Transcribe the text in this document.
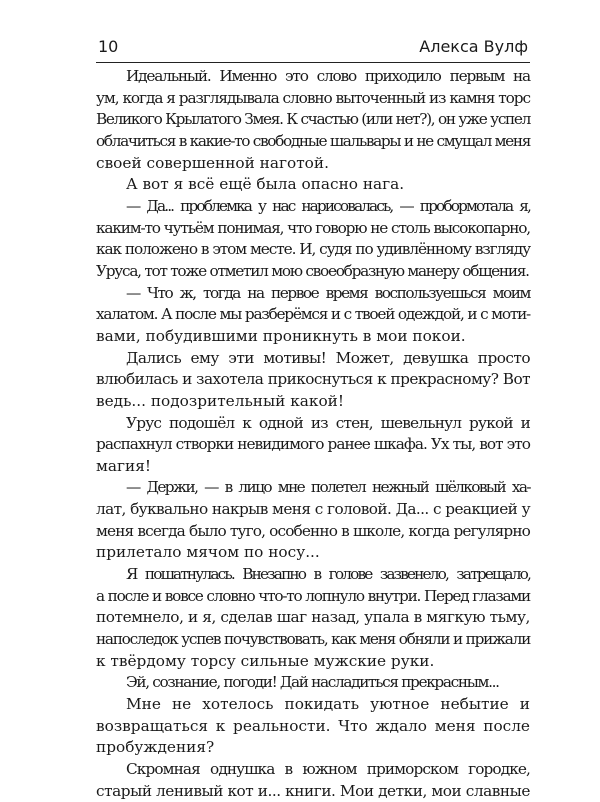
10	Алекса Вулф
Идеальный. Именно это слово приходило первым на
ум, когда я разглядывала словно выточенный из камня торс
Великого Крылатого Змея. К счастью (или нет?), он уже успел
облачиться в какие-то свободные шальвары и не смущал меня
своей совершенной наготой.
А вот я всё ещё была опасно нага.
— Да... проблемка у нас нарисовалась, — пробормотала я,
каким-то чутьём понимая, что говорю не столь высокопарно,
как положено в этом месте. И, судя по удивлённому взгляду
Уруса, тот тоже отметил мою своеобразную манеру общения.
— Что ж, тогда на первое время воспользуешься моим
халатом. А после мы разберёмся и с твоей одеждой, и с моти-
вами, побудившими проникнуть в мои покои.
Дались ему эти мотивы! Может, девушка просто
влюбилась и захотела прикоснуться к прекрасному? Вот
ведь... подозрительный какой!
Урус подошёл к одной из стен, шевельнул рукой и
распахнул створки невидимого ранее шкафа. Ух ты, вот это
магия!
— Держи, — в лицо мне полетел нежный шёлковый ха-
лат, буквально накрыв меня с головой. Да... с реакцией у
меня всегда было туго, особенно в школе, когда регулярно
прилетало мячом по носу...
Я пошатнулась. Внезапно в голове зазвенело, затрещало,
а после и вовсе словно что-то лопнуло внутри. Перед глазами
потемнело, и я, сделав шаг назад, упала в мягкую тьму,
напоследок успев почувствовать, как меня обняли и прижали
к твёрдому торсу сильные мужские руки.
Эй, сознание, погоди! Дай насладиться прекрасным...
Мне не хотелось покидать уютное небытие и
возвращаться к реальности. Что ждало меня после
пробуждения?
Скромная однушка в южном приморском городке,
старый ленивый кот и... книги. Мои детки, мои славные
